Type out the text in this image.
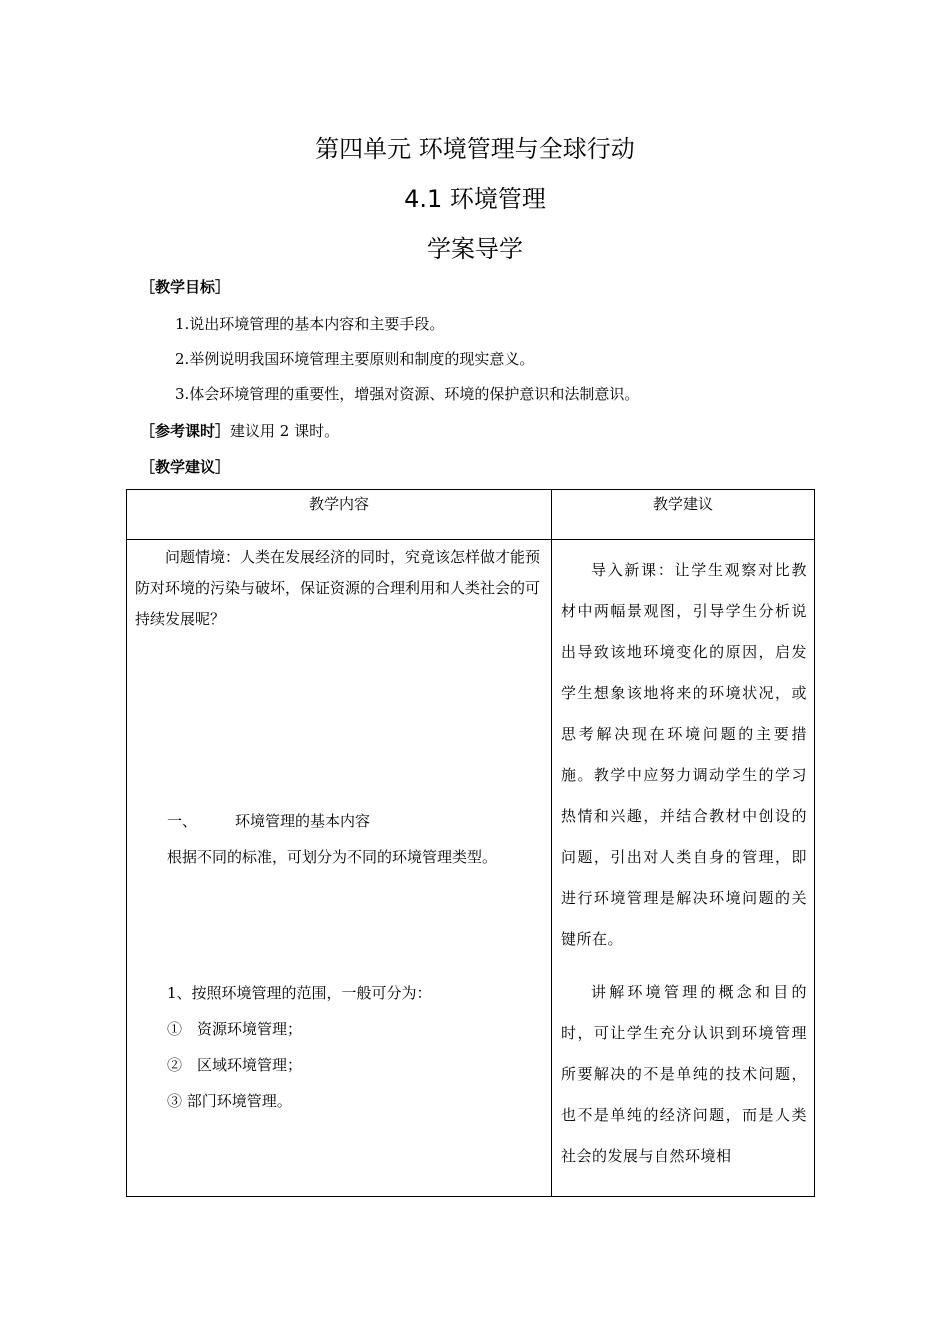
第四单元 环境管理与全球行动
4.1 环境管理
学案导学
［教学目标］
1.说出环境管理的基本内容和主要手段。
2.举例说明我国环境管理主要原则和制度的现实意义。
3.体会环境管理的重要性，增强对资源、环境的保护意识和法制意识。
［参考课时］建议用 2 课时。
［教学建议］
教学内容	教学建议

问题情境：人类在发展经济的同时，究竟该怎样做才能预防对环境的污染与破坏，保证资源的合理利用和人类社会的可持续发展呢？

一、	环境管理的基本内容
根据不同的标准，可划分为不同的环境管理类型。
1、按照环境管理的范围，一般可分为：
①　资源环境管理；
②　区域环境管理；
③ 部门环境管理。

导入新课：让学生观察对比教材中两幅景观图，引导学生分析说出导致该地环境变化的原因，启发学生想象该地将来的环境状况，或思考解决现在环境问题的主要措施。教学中应努力调动学生的学习热情和兴趣，并结合教材中创设的问题，引出对人类自身的管理，即进行环境管理是解决环境问题的关键所在。

讲解环境管理的概念和目的时，可让学生充分认识到环境管理所要解决的不是单纯的技术问题，也不是单纯的经济问题，而是人类社会的发展与自然环境相
